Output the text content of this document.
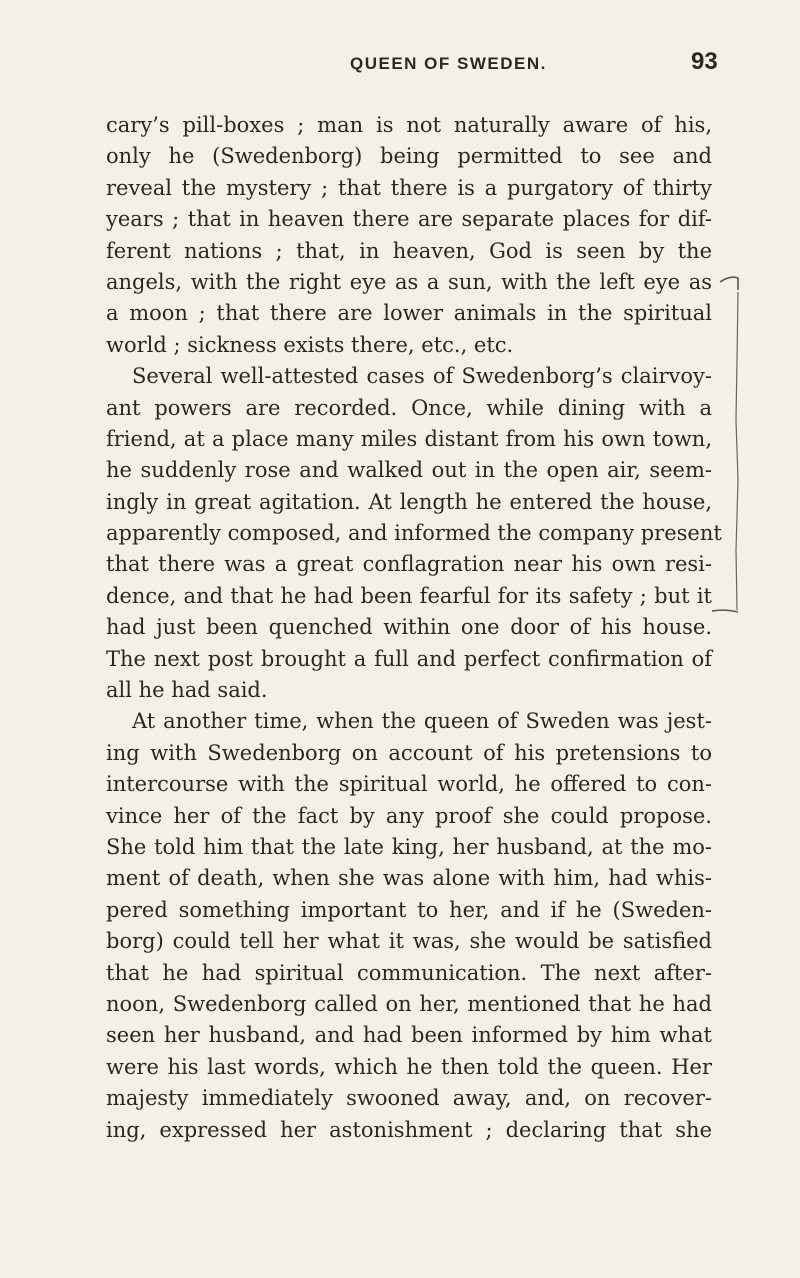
QUEEN OF SWEDEN.	93
cary’s pill-boxes ; man is not naturally aware of his,
only he (Swedenborg) being permitted to see and
reveal the mystery ; that there is a purgatory of thirty
years ; that in heaven there are separate places for dif-
ferent nations ; that, in heaven, God is seen by the
angels, with the right eye as a sun, with the left eye as
a moon ; that there are lower animals in the spiritual
world ; sickness exists there, etc., etc.
Several well-attested cases of Swedenborg’s clairvoy-
ant powers are recorded. Once, while dining with a
friend, at a place many miles distant from his own town,
he suddenly rose and walked out in the open air, seem-
ingly in great agitation. At length he entered the house,
apparently composed, and informed the company present
that there was a great conflagration near his own resi-
dence, and that he had been fearful for its safety ; but it
had just been quenched within one door of his house.
The next post brought a full and perfect confirmation of
all he had said.
At another time, when the queen of Sweden was jest-
ing with Swedenborg on account of his pretensions to
intercourse with the spiritual world, he offered to con-
vince her of the fact by any proof she could propose.
She told him that the late king, her husband, at the mo-
ment of death, when she was alone with him, had whis-
pered something important to her, and if he (Sweden-
borg) could tell her what it was, she would be satisfied
that he had spiritual communication. The next after-
noon, Swedenborg called on her, mentioned that he had
seen her husband, and had been informed by him what
were his last words, which he then told the queen. Her
majesty immediately swooned away, and, on recover-
ing, expressed her astonishment ; declaring that she
